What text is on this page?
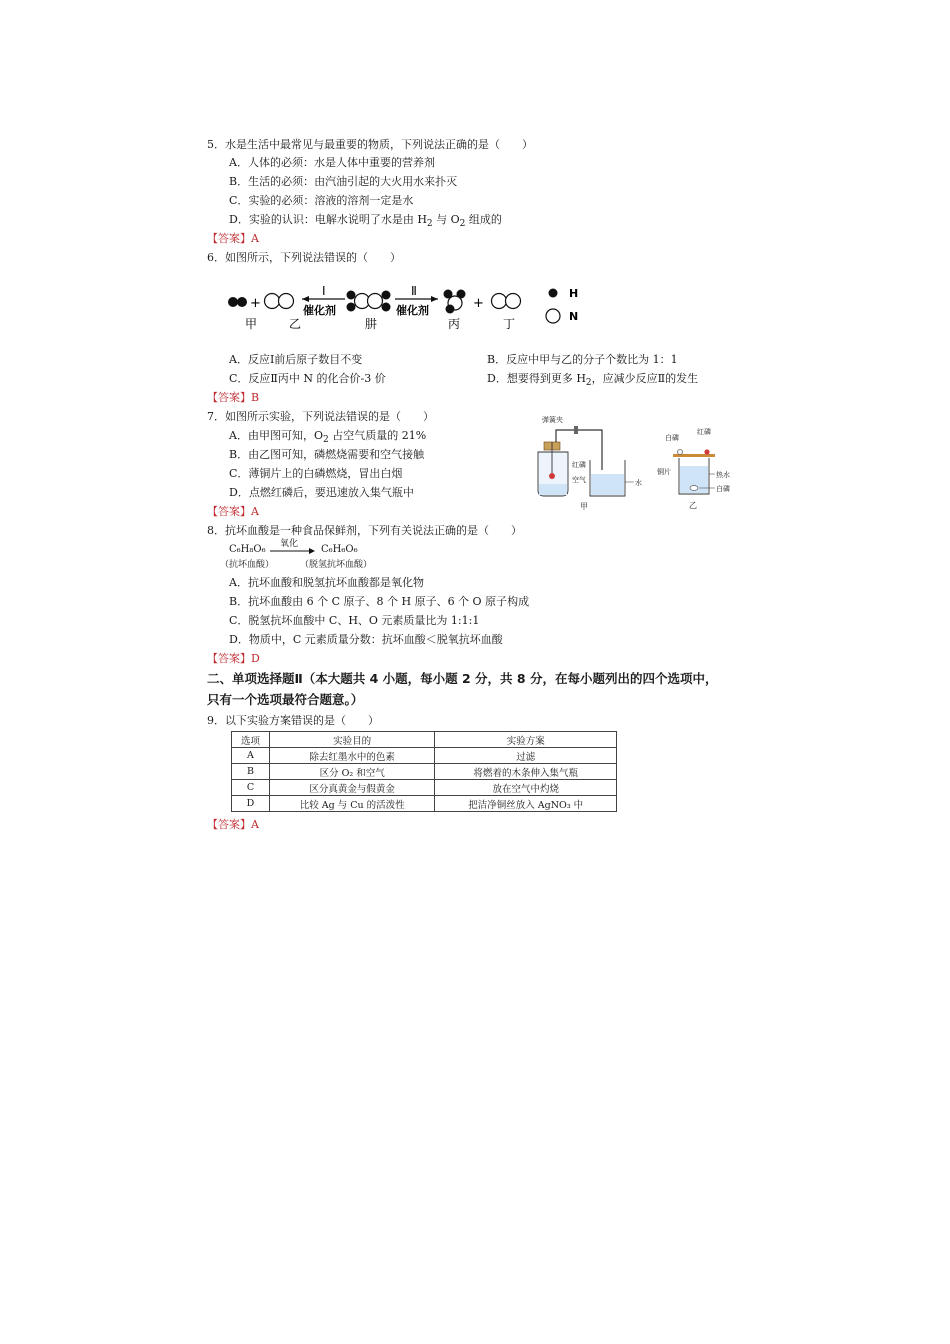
5．水是生活中最常见与最重要的物质，下列说法正确的是（　　）
A．人体的必须：水是人体中重要的营养剂
B．生活的必须：由汽油引起的大火用水来扑灭
C．实验的必须：溶液的溶剂一定是水
D．实验的认识：电解水说明了水是由 $H_2$ 与 $O_2$ 组成的
【答案】A
6．如图所示，下列说法错误的（　　）
+
Ⅰ
催化剂
Ⅱ
催化剂	+
甲	乙	肼	丙	丁
H
N
A．反应Ⅰ前后原子数目不变	B．反应中甲与乙的分子个数比为 1：1
C．反应Ⅱ丙中 N 的化合价-3 价	D．想要得到更多 $H_2$，应减少反应Ⅱ的发生
【答案】B
7．如图所示实验，下列说法错误的是（　　）
A．由甲图可知，$O_2$ 占空气质量的 21%
B．由乙图可知，磷燃烧需要和空气接触
C．薄铜片上的白磷燃烧，冒出白烟
D．点燃红磷后，要迅速放入集气瓶中
【答案】A
弹簧夹
红磷
空气	水
甲
白磷
红磷
铜片	热水
白磷
乙
8．抗坏血酸是一种食品保鲜剂，下列有关说法正确的是（　　）
C₆H₈O₆ 氧化 C₆H₆O₆
（抗坏血酸）	（脱氢抗坏血酸）
A．抗坏血酸和脱氢抗坏血酸都是氧化物
B．抗坏血酸由 6 个 C 原子、8 个 H 原子、6 个 O 原子构成
C．脱氢抗坏血酸中 C、H、O 元素质量比为 1:1:1
D．物质中，C 元素质量分数：抗坏血酸＜脱氧抗坏血酸
【答案】D
二、单项选择题Ⅱ（本大题共 4 小题，每小题 2 分，共 8 分，在每小题列出的四个选项中，
只有一个选项最符合题意。）
9．以下实验方案错误的是（　　）
选项	实验目的	实验方案
A	除去红墨水中的色素	过滤
B	区分 O₂ 和空气	将燃着的木条伸入集气瓶
C	区分真黄金与假黄金	放在空气中灼烧
D	比较 Ag 与 Cu 的活泼性	把洁净铜丝放入 AgNO₃ 中
【答案】A
